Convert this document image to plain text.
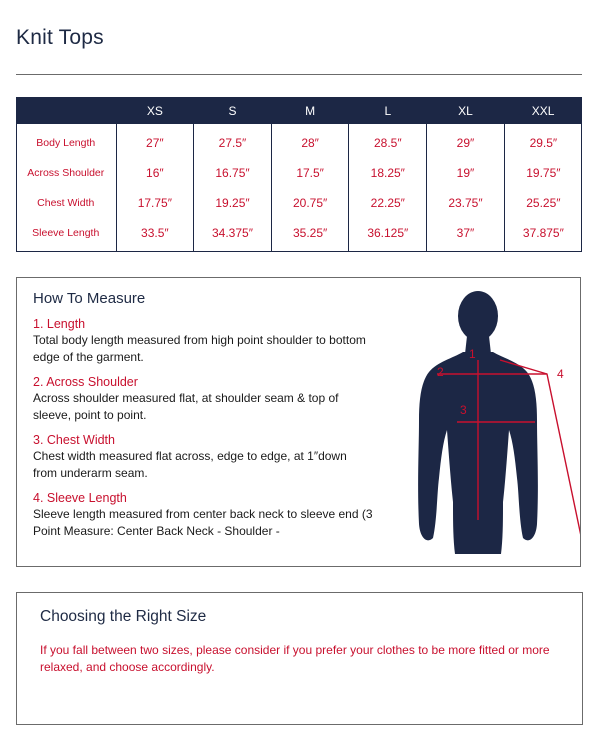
Knit Tops
	XS	S	M	L	XL	XXL
Body Length	27″	27.5″	28″	28.5″	29″	29.5″
Across Shoulder	16″	16.75″	17.5″	18.25″	19″	19.75″
Chest Width	17.75″	19.25″	20.75″	22.25″	23.75″	25.25″
Sleeve Length	33.5″	34.375″	35.25″	36.125″	37″	37.875″
How To Measure
1. Length
Total body length measured from high point shoulder to bottom edge of the garment.
2. Across Shoulder
Across shoulder measured flat, at shoulder seam & top of sleeve, point to point.
3. Chest Width
Chest width measured flat across, edge to edge, at 1″down from underarm seam.
4. Sleeve Length
Sleeve length measured from center back neck to sleeve end (3 Point Measure: Center Back Neck - Shoulder -
1
2
3
4
Choosing the Right Size
If you fall between two sizes, please consider if you prefer your clothes to be more fitted or more relaxed, and choose accordingly.
